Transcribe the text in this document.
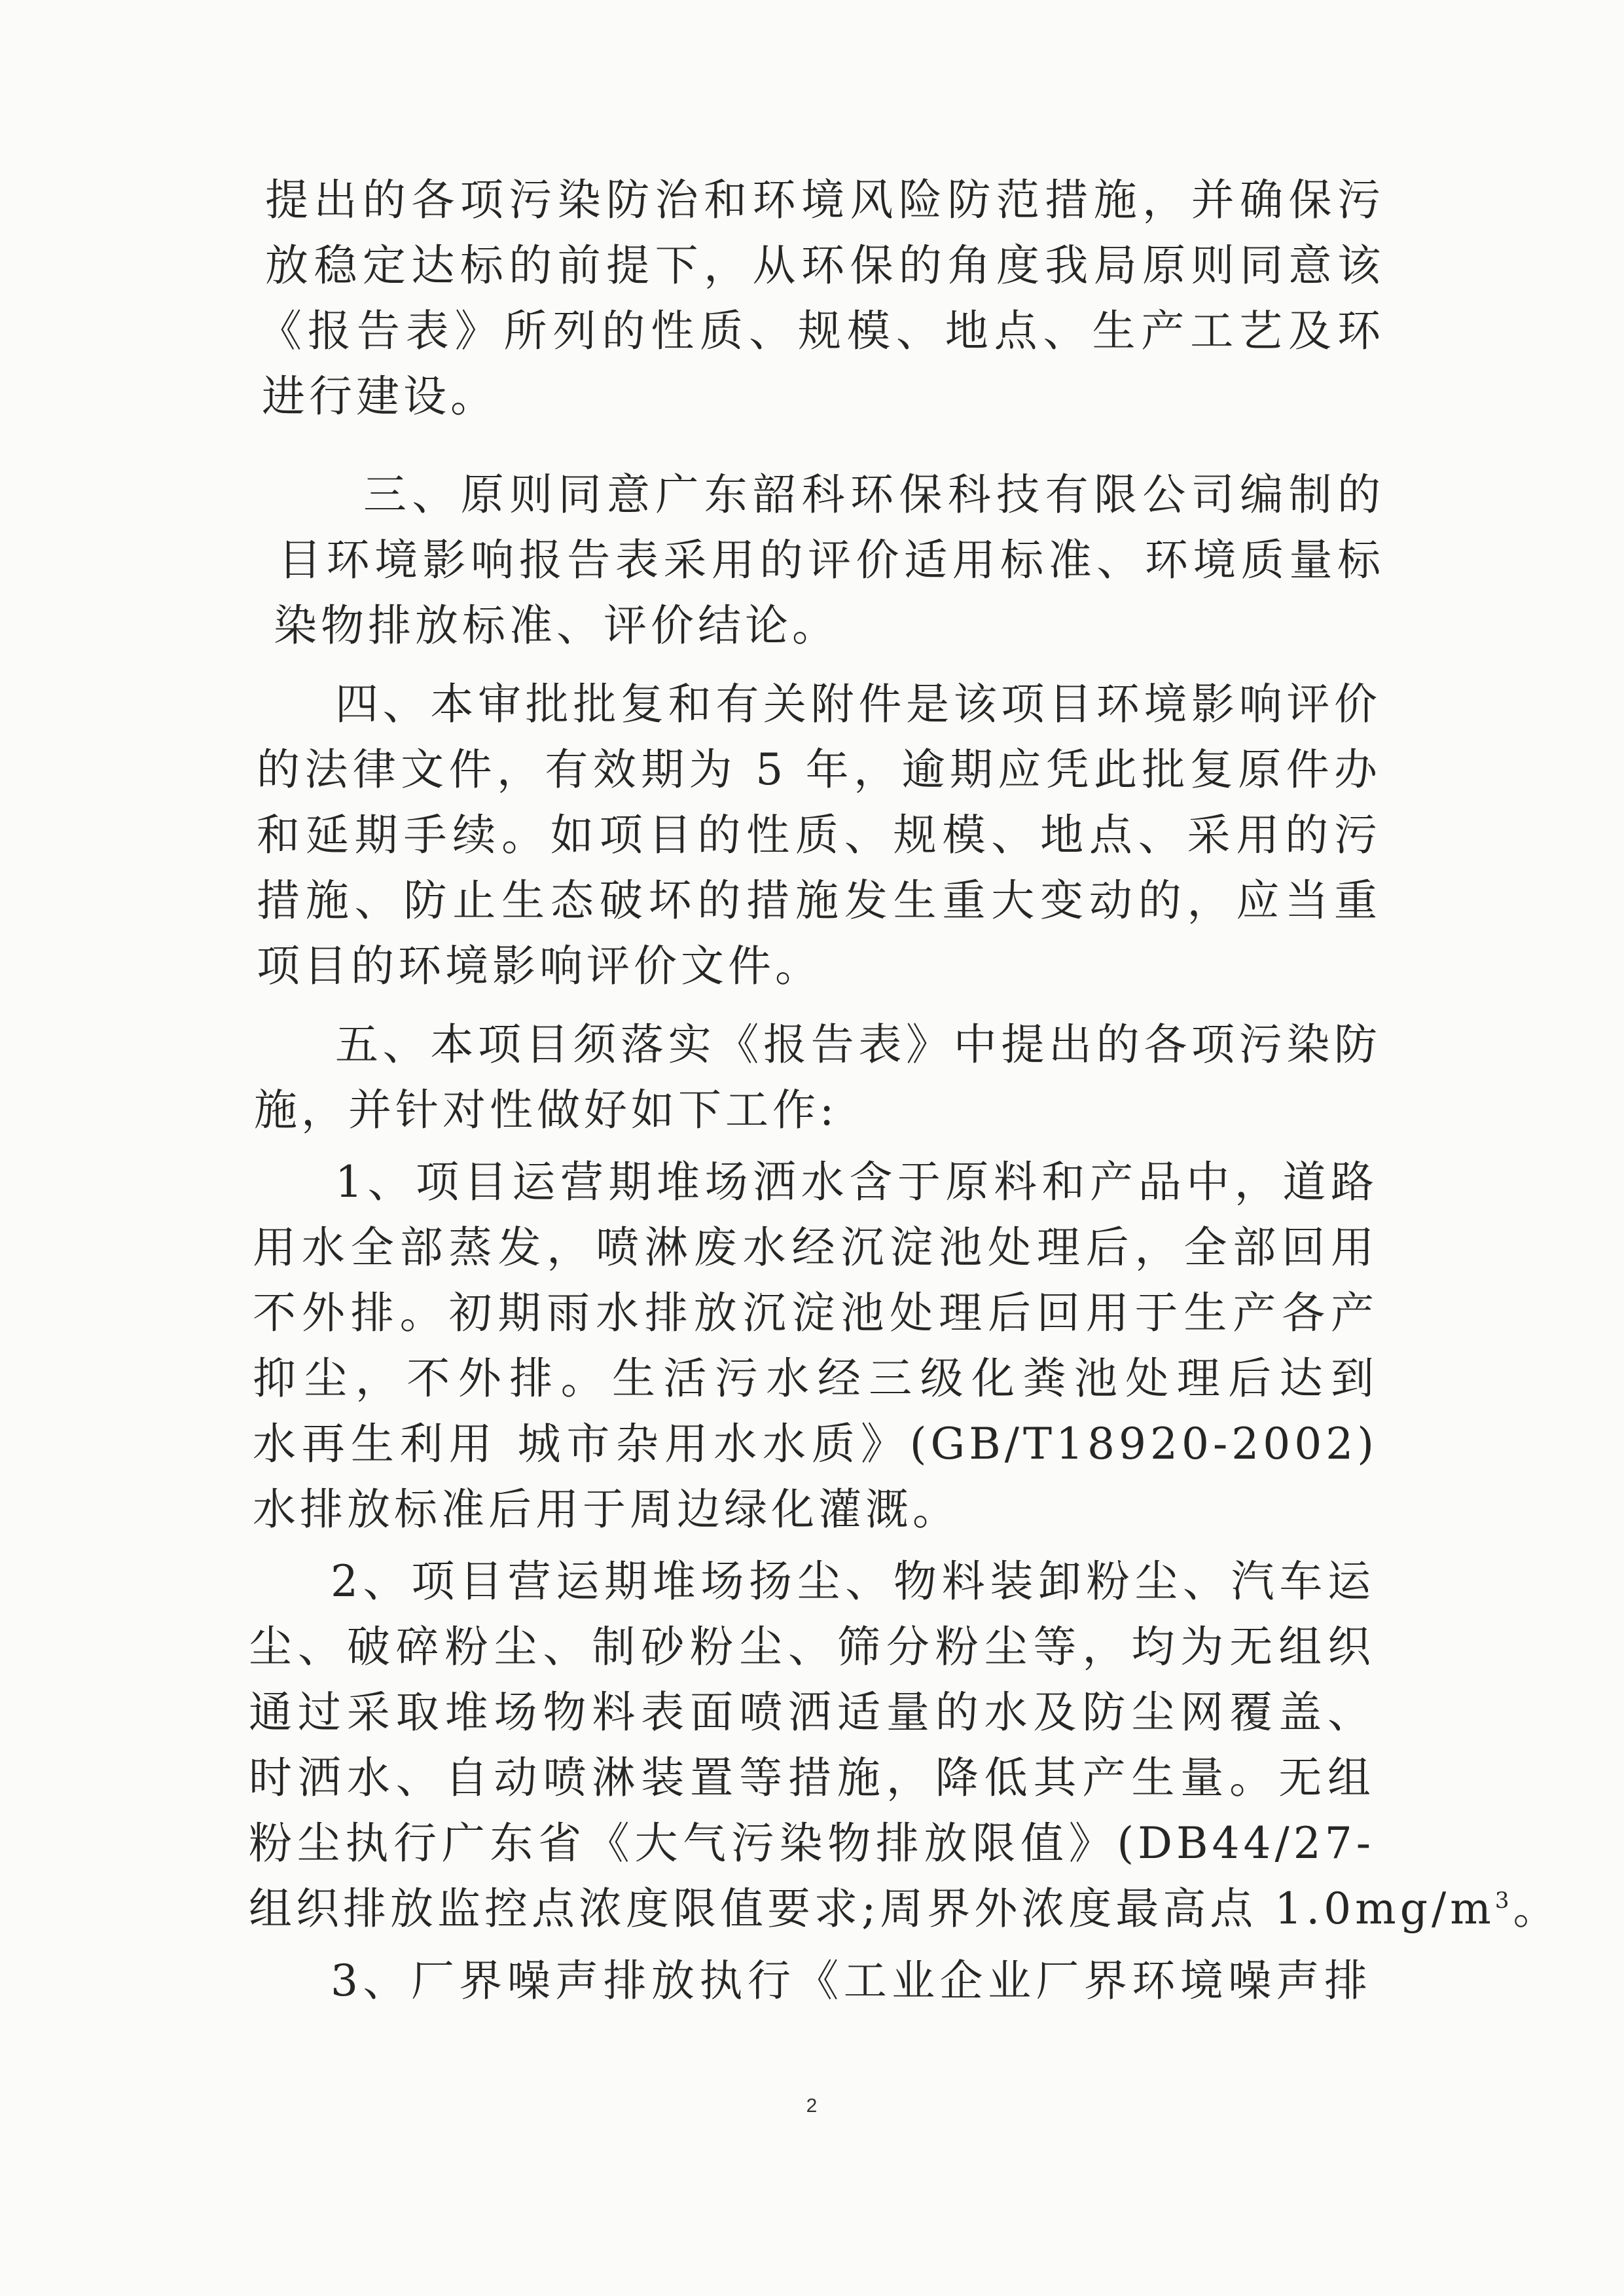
提出的各项污染防治和环境风险防范措施，并确保污
放稳定达标的前提下，从环保的角度我局原则同意该
《报告表》所列的性质、规模、地点、生产工艺及环
进行建设。
三、原则同意广东韶科环保科技有限公司编制的
目环境影响报告表采用的评价适用标准、环境质量标
染物排放标准、评价结论。
四、本审批批复和有关附件是该项目环境影响评价
的法律文件，有效期为 5 年，逾期应凭此批复原件办
和延期手续。如项目的性质、规模、地点、采用的污
措施、防止生态破坏的措施发生重大变动的，应当重
项目的环境影响评价文件。
五、本项目须落实《报告表》中提出的各项污染防
施，并针对性做好如下工作:
1、项目运营期堆场洒水含于原料和产品中，道路
用水全部蒸发，喷淋废水经沉淀池处理后，全部回用
不外排。初期雨水排放沉淀池处理后回用于生产各产
抑尘，不外排。生活污水经三级化粪池处理后达到
水再生利用 城市杂用水水质》(GB/T18920-2002)
水排放标准后用于周边绿化灌溉。
2、项目营运期堆场扬尘、物料装卸粉尘、汽车运
尘、破碎粉尘、制砂粉尘、筛分粉尘等，均为无组织
通过采取堆场物料表面喷洒适量的水及防尘网覆盖、
时洒水、自动喷淋装置等措施，降低其产生量。无组
粉尘执行广东省《大气污染物排放限值》(DB44/27-
组织排放监控点浓度限值要求;周界外浓度最高点 $1.0mg/m^3$。
3、厂界噪声排放执行《工业企业厂界环境噪声排
2
